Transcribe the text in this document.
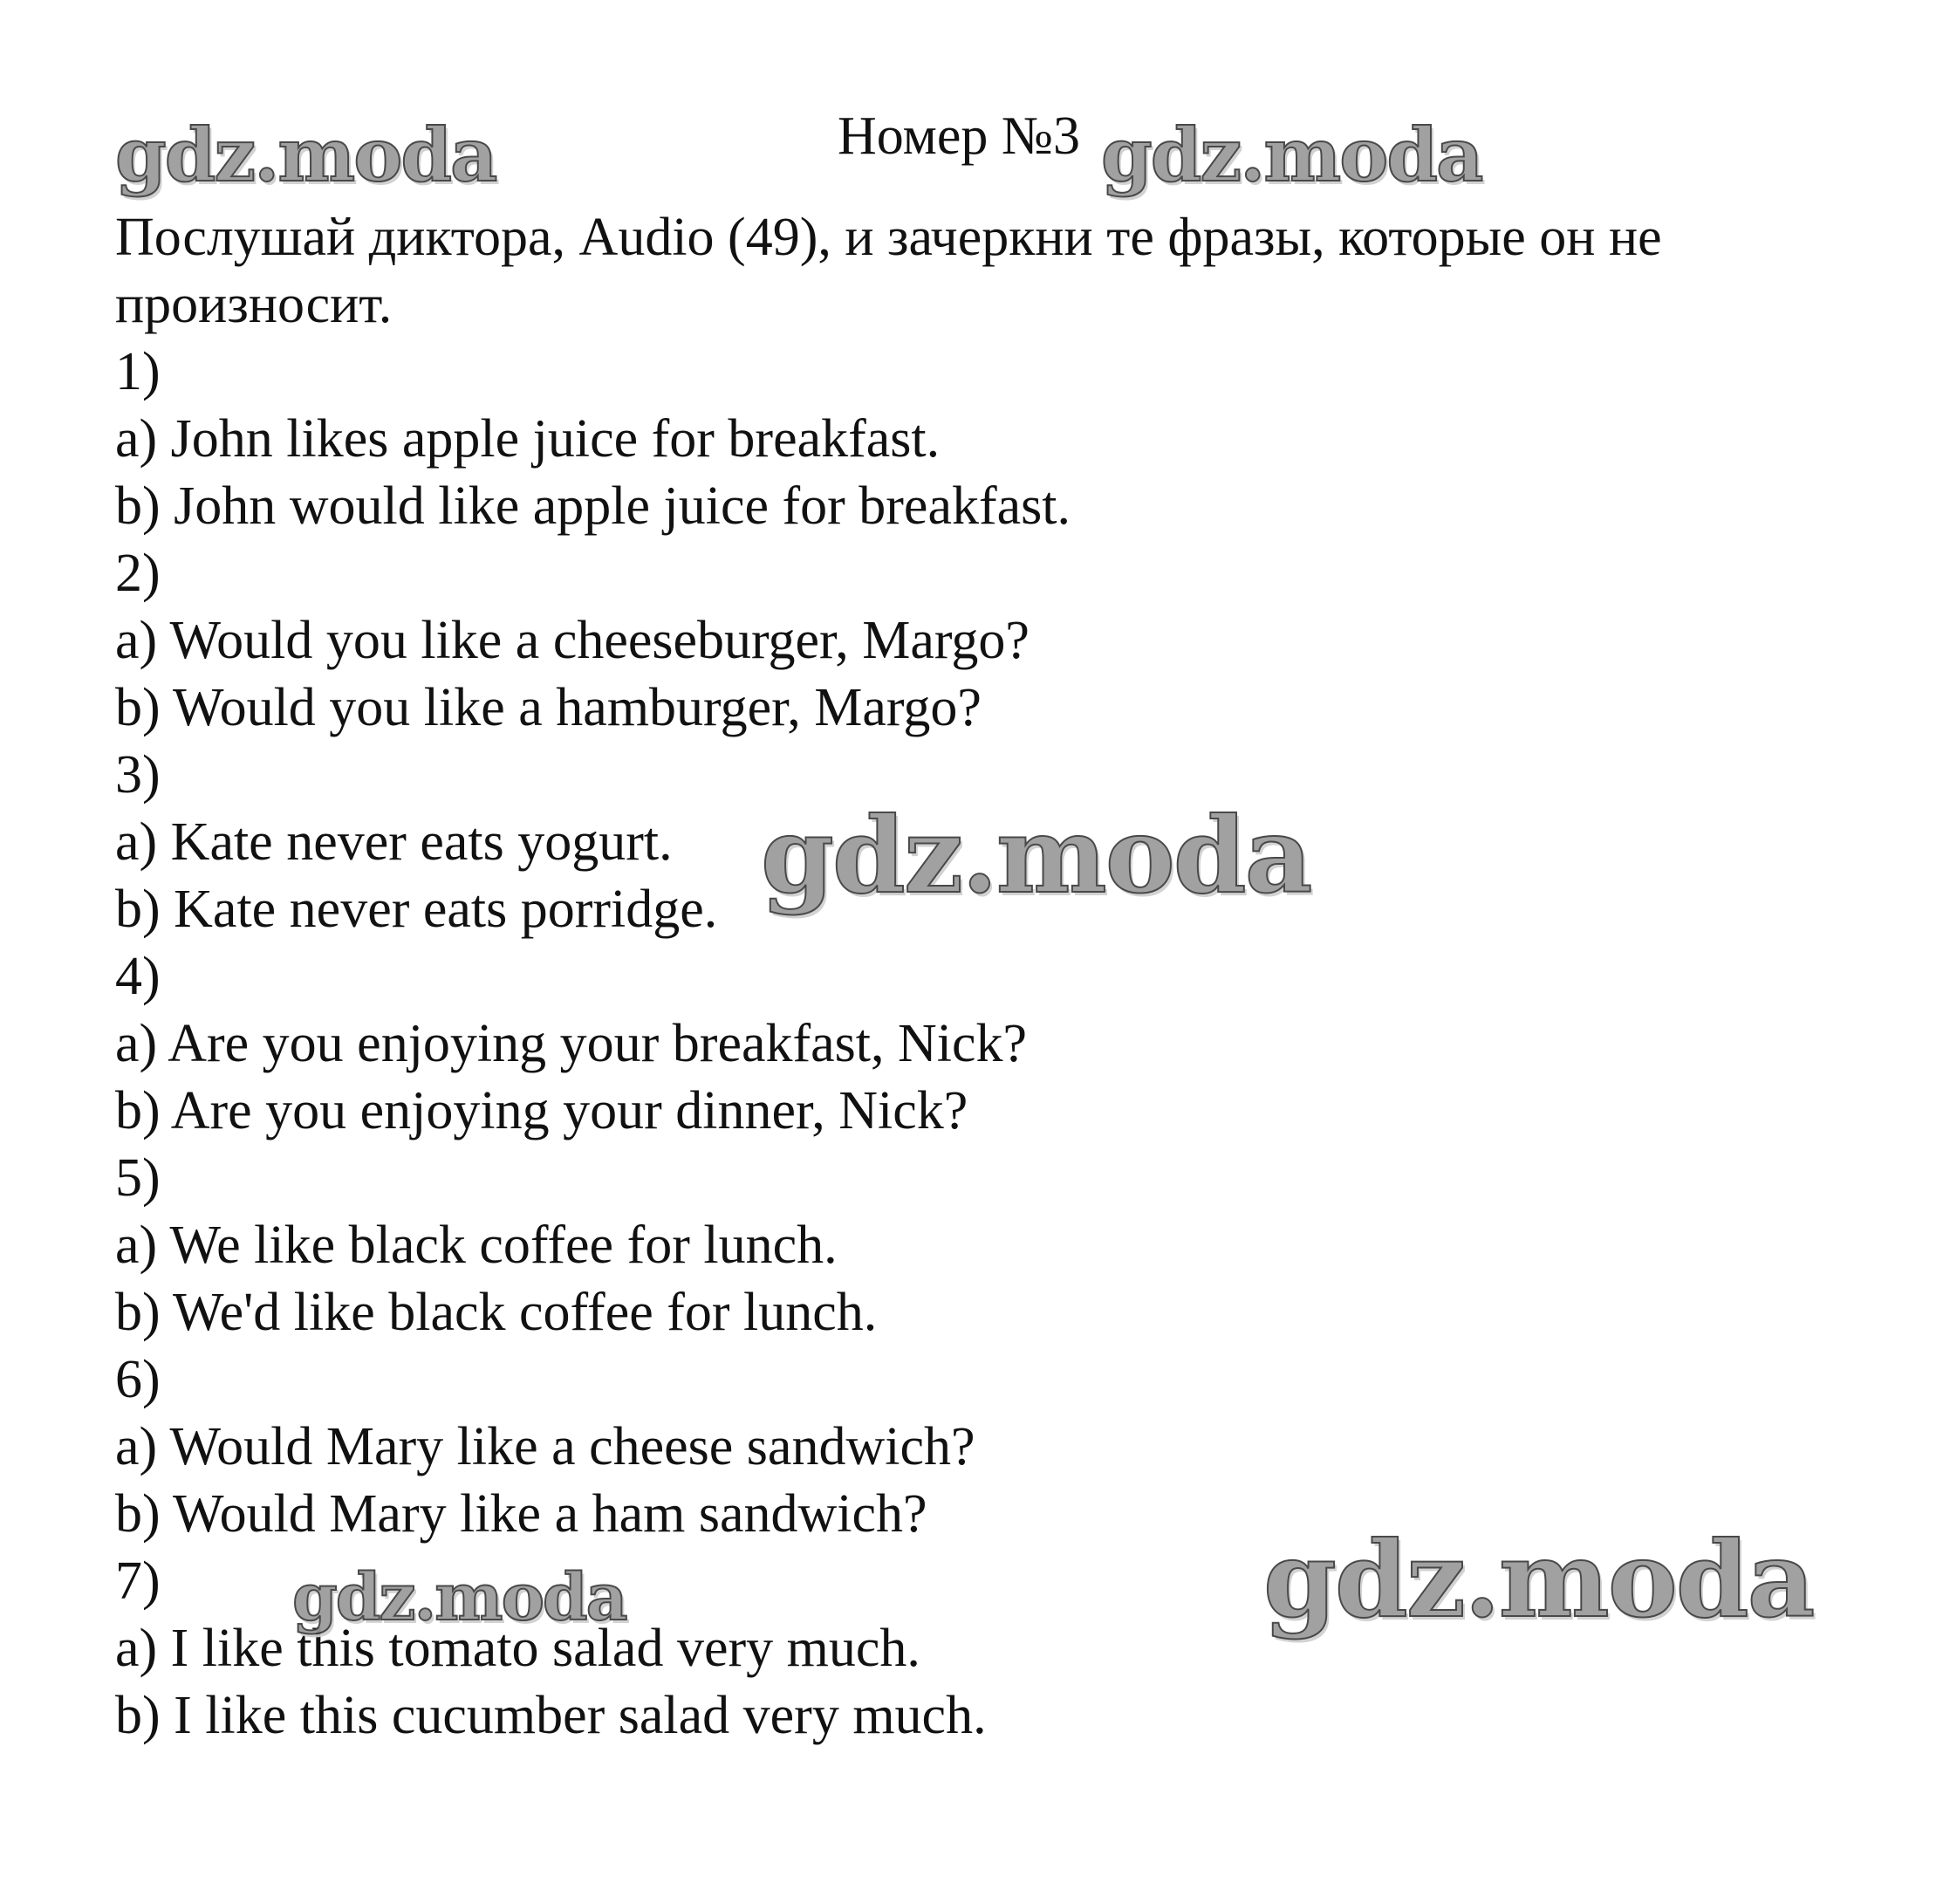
Номер №3

Послушай диктора, Audio (49), и зачеркни те фразы, которые он не произносит.

1)

a) John likes apple juice for breakfast.

b) John would like apple juice for breakfast.

2)

a) Would you like a cheeseburger, Margo?

b) Would you like a hamburger, Margo?

3)

a) Kate never eats yogurt.

b) Kate never eats porridge.

4)

a) Are you enjoying your breakfast, Nick?

b) Are you enjoying your dinner, Nick?

5)

a) We like black coffee for lunch.

b) We'd like black coffee for lunch.

6)

a) Would Mary like a cheese sandwich?

b) Would Mary like a ham sandwich?

7)

a) I like this tomato salad very much.

b) I like this cucumber salad very much.

gdz.moda	gdz.moda
gdz.moda
gdz.moda	gdz.moda
